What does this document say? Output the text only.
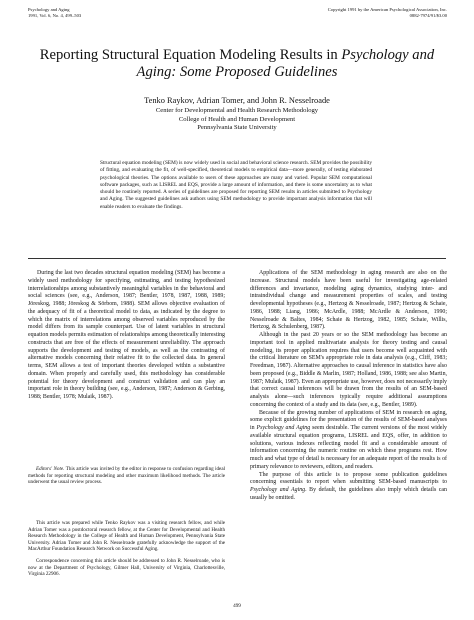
Psychology and Aging
1991, Vol. 6, No. 4, 499–503
Copyright 1991 by the American Psychological Association, Inc.
0882-7974/91/$3.00
Reporting Structural Equation Modeling Results in Psychology and Aging: Some Proposed Guidelines
Tenko Raykov, Adrian Tomer, and John R. Nesselroade
Center for Developmental and Health Research Methodology
College of Health and Human Development
Pennsylvania State University
Structural equation modeling (SEM) is now widely used in social and behavioral science research. SEM provides the possibility of fitting, and evaluating the fit, of well-specified, theoretical models to empirical data—more generally, of testing elaborated psychological theories. The options available to users of these approaches are many and varied. Popular SEM computational software packages, such as LISREL and EQS, provide a large amount of information, and there is some uncertainty as to what should be routinely reported. A series of guidelines are proposed for reporting SEM results in articles submitted to Psychology and Aging. The suggested guidelines ask authors using SEM methodology to provide important analysis information that will enable readers to evaluate the findings.

During the last two decades structural equation modeling (SEM) has become a widely used methodology for specifying, estimating, and testing hypothesized interrelationships among substantively meaningful variables in the behavioral and social sciences (see, e.g., Anderson, 1987; Bentler, 1978, 1987, 1988, 1989; Jöreskog, 1988; Jöreskog & Sörbom, 1988). SEM allows objective evaluation of the adequacy of fit of a theoretical model to data, as indicated by the degree to which the matrix of interrelations among observed variables reproduced by the model differs from its sample counterpart. Use of latent variables in structural equation models permits estimation of relationships among theoretically interesting constructs that are free of the effects of measurement unreliability. The approach supports the development and testing of models, as well as the contrasting of alternative models concerning their relative fit to the collected data. In general terms, SEM allows a test of important theories developed within a substantive domain. When properly and carefully used, this methodology has considerable potential for theory development and construct validation and can play an important role in theory building (see, e.g., Anderson, 1987; Anderson & Gerbing, 1988; Bentler, 1978; Mulaik, 1987).

Editors' Note. This article was invited by the editor in response to confusion regarding ideal methods for reporting structural modeling and other maximum likelihood methods. The article underwent the usual review process.

This article was prepared while Tenko Raykov was a visiting research fellow, and while Adrian Tomer was a postdoctoral research fellow, at the Center for Developmental and Health Research Methodology in the College of Health and Human Development, Pennsylvania State University. Adrian Tomer and John R. Nesselroade gratefully acknowledge the support of the MacArthur Foundation Research Network on Successful Aging.

Correspondence concerning this article should be addressed to John R. Nesselroade, who is now at the Department of Psychology, Gilmer Hall, University of Virginia, Charlottesville, Virginia 22906.

Applications of the SEM methodology in aging research are also on the increase. Structural models have been useful for investigating age-related differences and invariance, modeling aging dynamics, studying inter- and intraindividual change and measurement properties of scales, and testing developmental hypotheses (e.g., Hertzog & Nesselroade, 1987; Hertzog & Schaie, 1986, 1988; Liang, 1986; McArdle, 1988; McArdle & Anderson, 1990; Nesselroade & Baltes, 1984; Schaie & Hertzog, 1982, 1985; Schaie, Willis, Hertzog, & Schulenberg, 1987).

Although in the past 20 years or so the SEM methodology has become an important tool in applied multivariate analysis for theory testing and causal modeling, its proper application requires that users become well acquainted with the critical literature on SEM's appropriate role in data analysis (e.g., Cliff, 1983; Freedman, 1987). Alternative approaches to causal inference in statistics have also been proposed (e.g., Biddle & Marlin, 1987; Holland, 1986, 1988; see also Martin, 1987; Mulaik, 1987). Even an appropriate use, however, does not necessarily imply that correct causal inferences will be drawn from the results of an SEM-based analysis alone—such inferences typically require additional assumptions concerning the context of a study and its data (see, e.g., Bentler, 1989).

Because of the growing number of applications of SEM in research on aging, some explicit guidelines for the presentation of the results of SEM-based analyses in Psychology and Aging seem desirable. The current versions of the most widely available structural equation programs, LISREL and EQS, offer, in addition to solutions, various indexes reflecting model fit and a considerable amount of information concerning the numeric routine on which these programs rest. How much and what type of detail is necessary for an adequate report of the results is of primary relevance to reviewers, editors, and readers.

The purpose of this article is to propose some publication guidelines concerning essentials to report when submitting SEM-based manuscripts to Psychology and Aging. By default, the guidelines also imply which details can usually be omitted.

499
